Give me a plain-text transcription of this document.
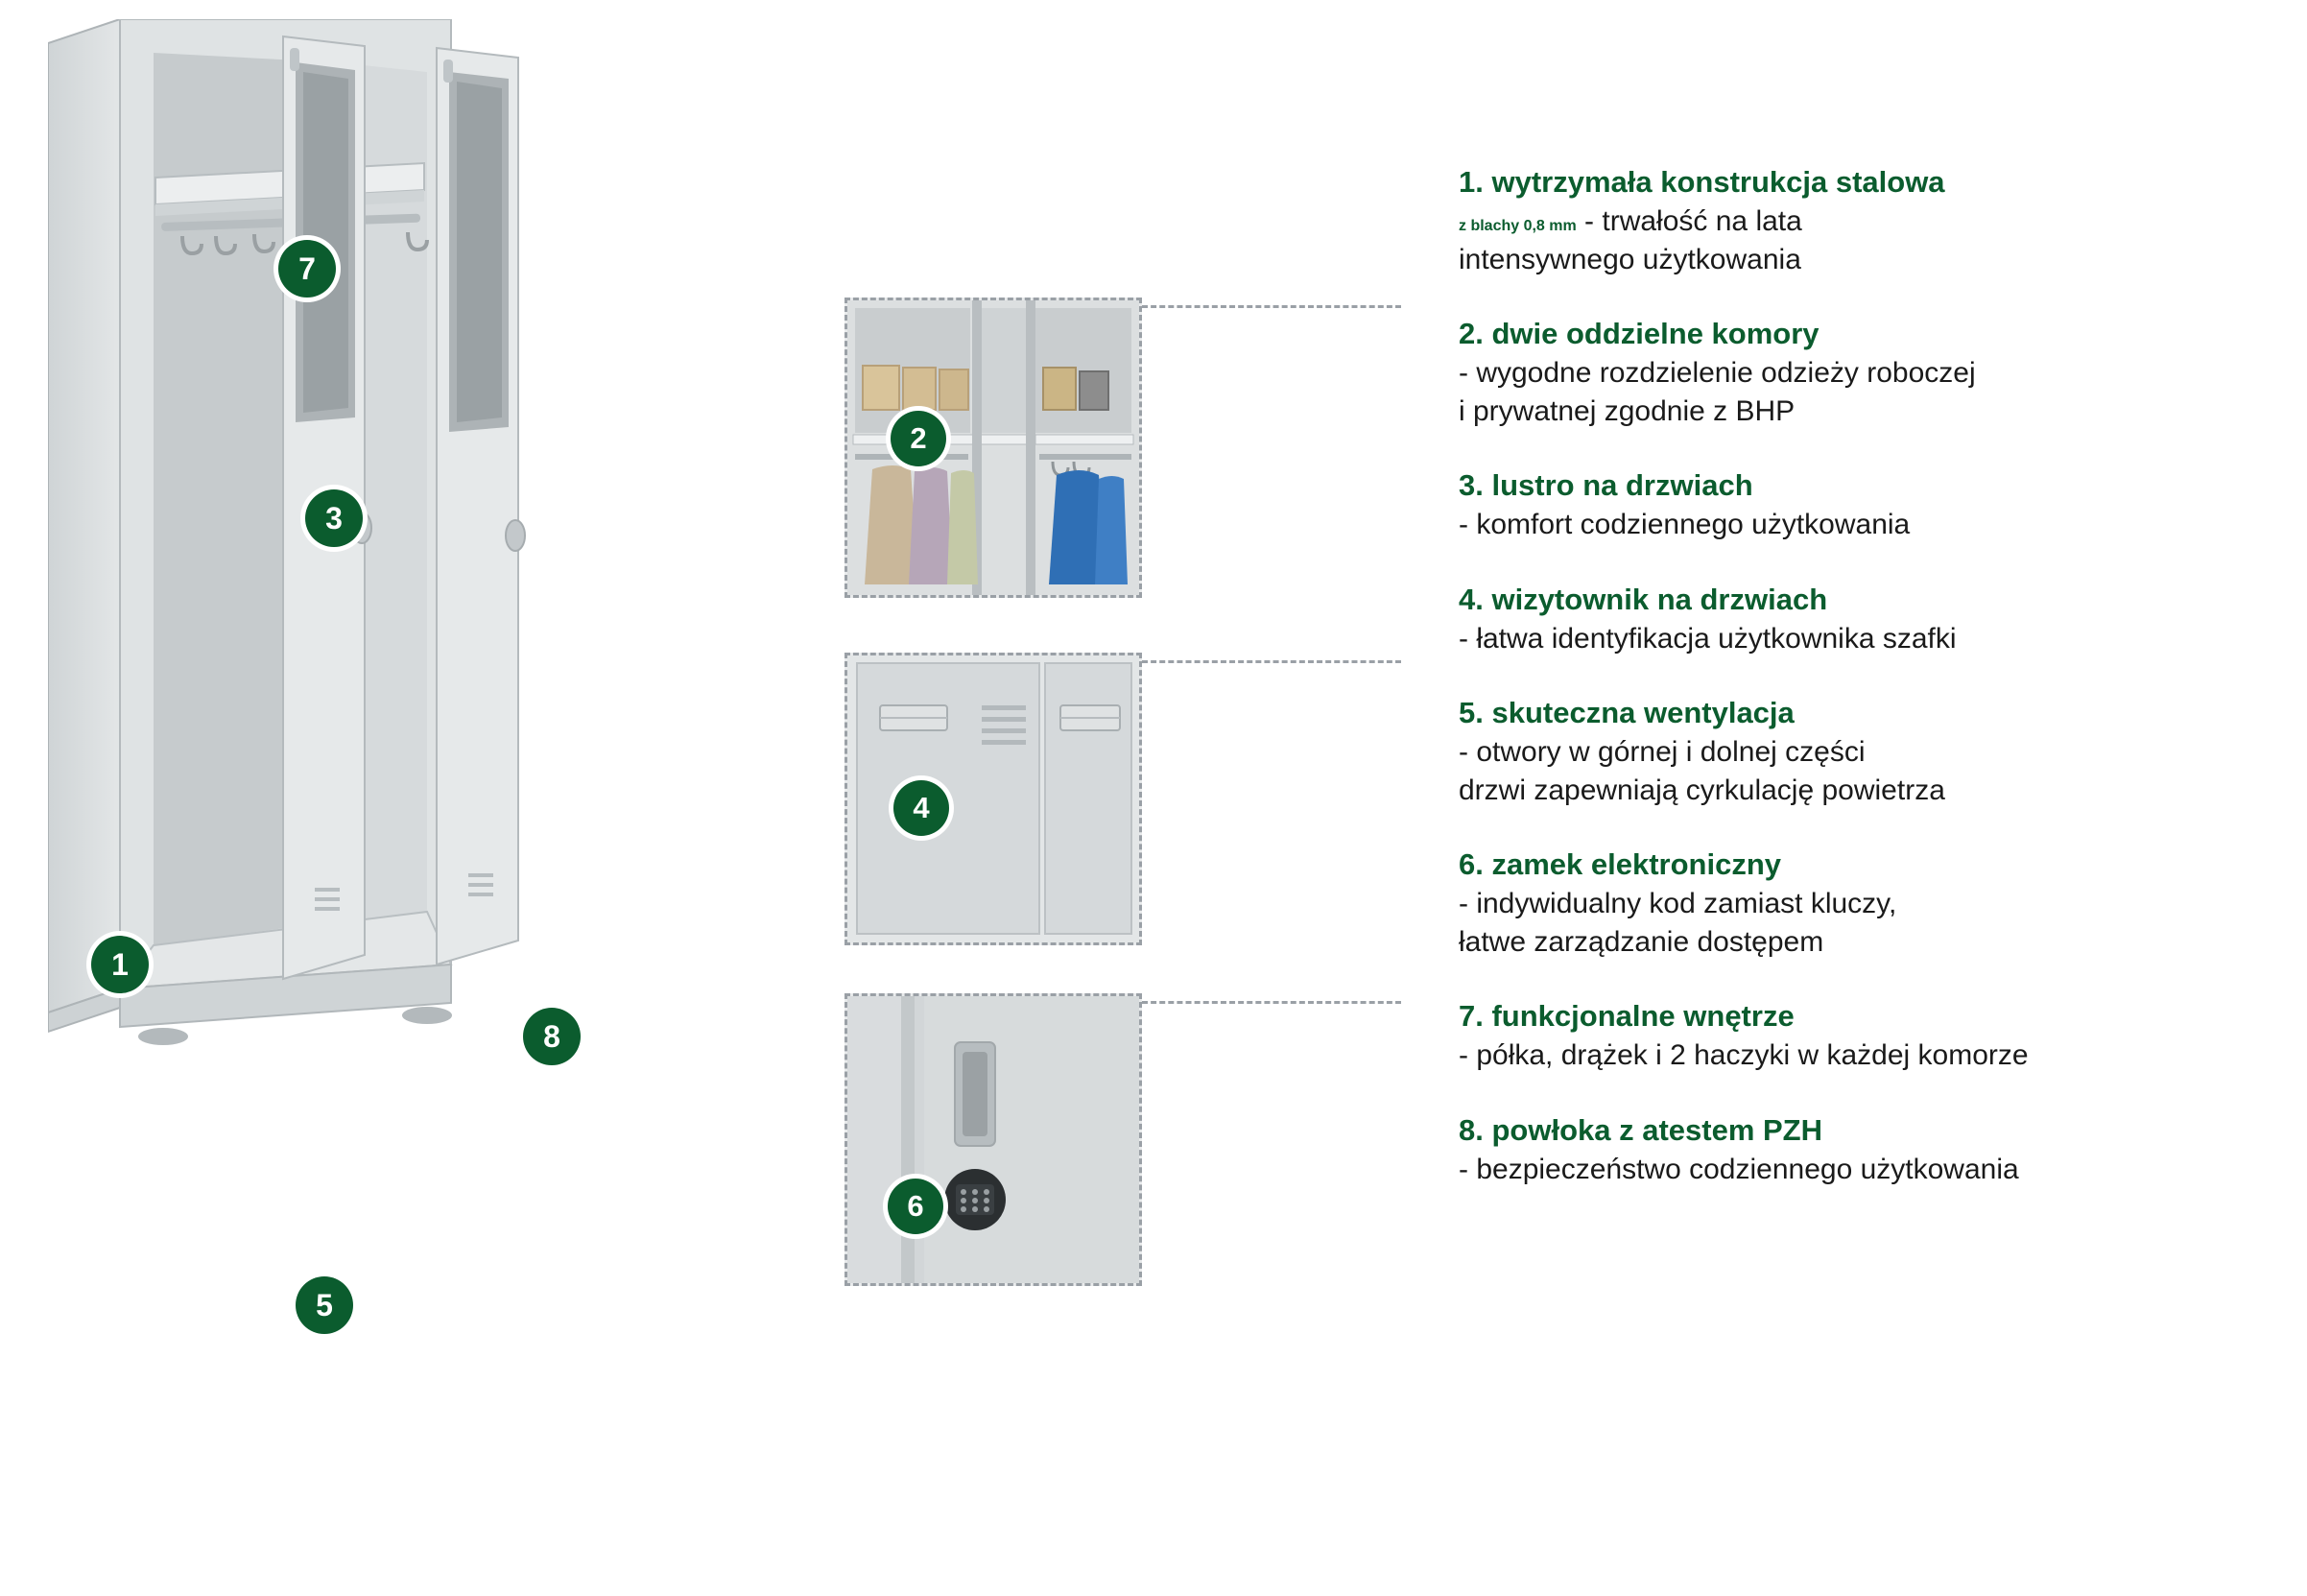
1
3
5
7
8
2
4
6
1. wytrzymała konstrukcja stalowa
z blachy 0,8 mm - trwałość na lata
intensywnego użytkowania
2. dwie oddzielne komory
- wygodne rozdzielenie odzieży roboczej
i prywatnej zgodnie z BHP
3. lustro na drzwiach
- komfort codziennego użytkowania
4. wizytownik na drzwiach
- łatwa identyfikacja użytkownika szafki
5. skuteczna wentylacja
- otwory w górnej i dolnej części
drzwi zapewniają cyrkulację powietrza
6. zamek elektroniczny
- indywidualny kod zamiast kluczy,
łatwe zarządzanie dostępem
7. funkcjonalne wnętrze
- półka, drążek i 2 haczyki w każdej komorze
8. powłoka z atestem PZH
- bezpieczeństwo codziennego użytkowania
